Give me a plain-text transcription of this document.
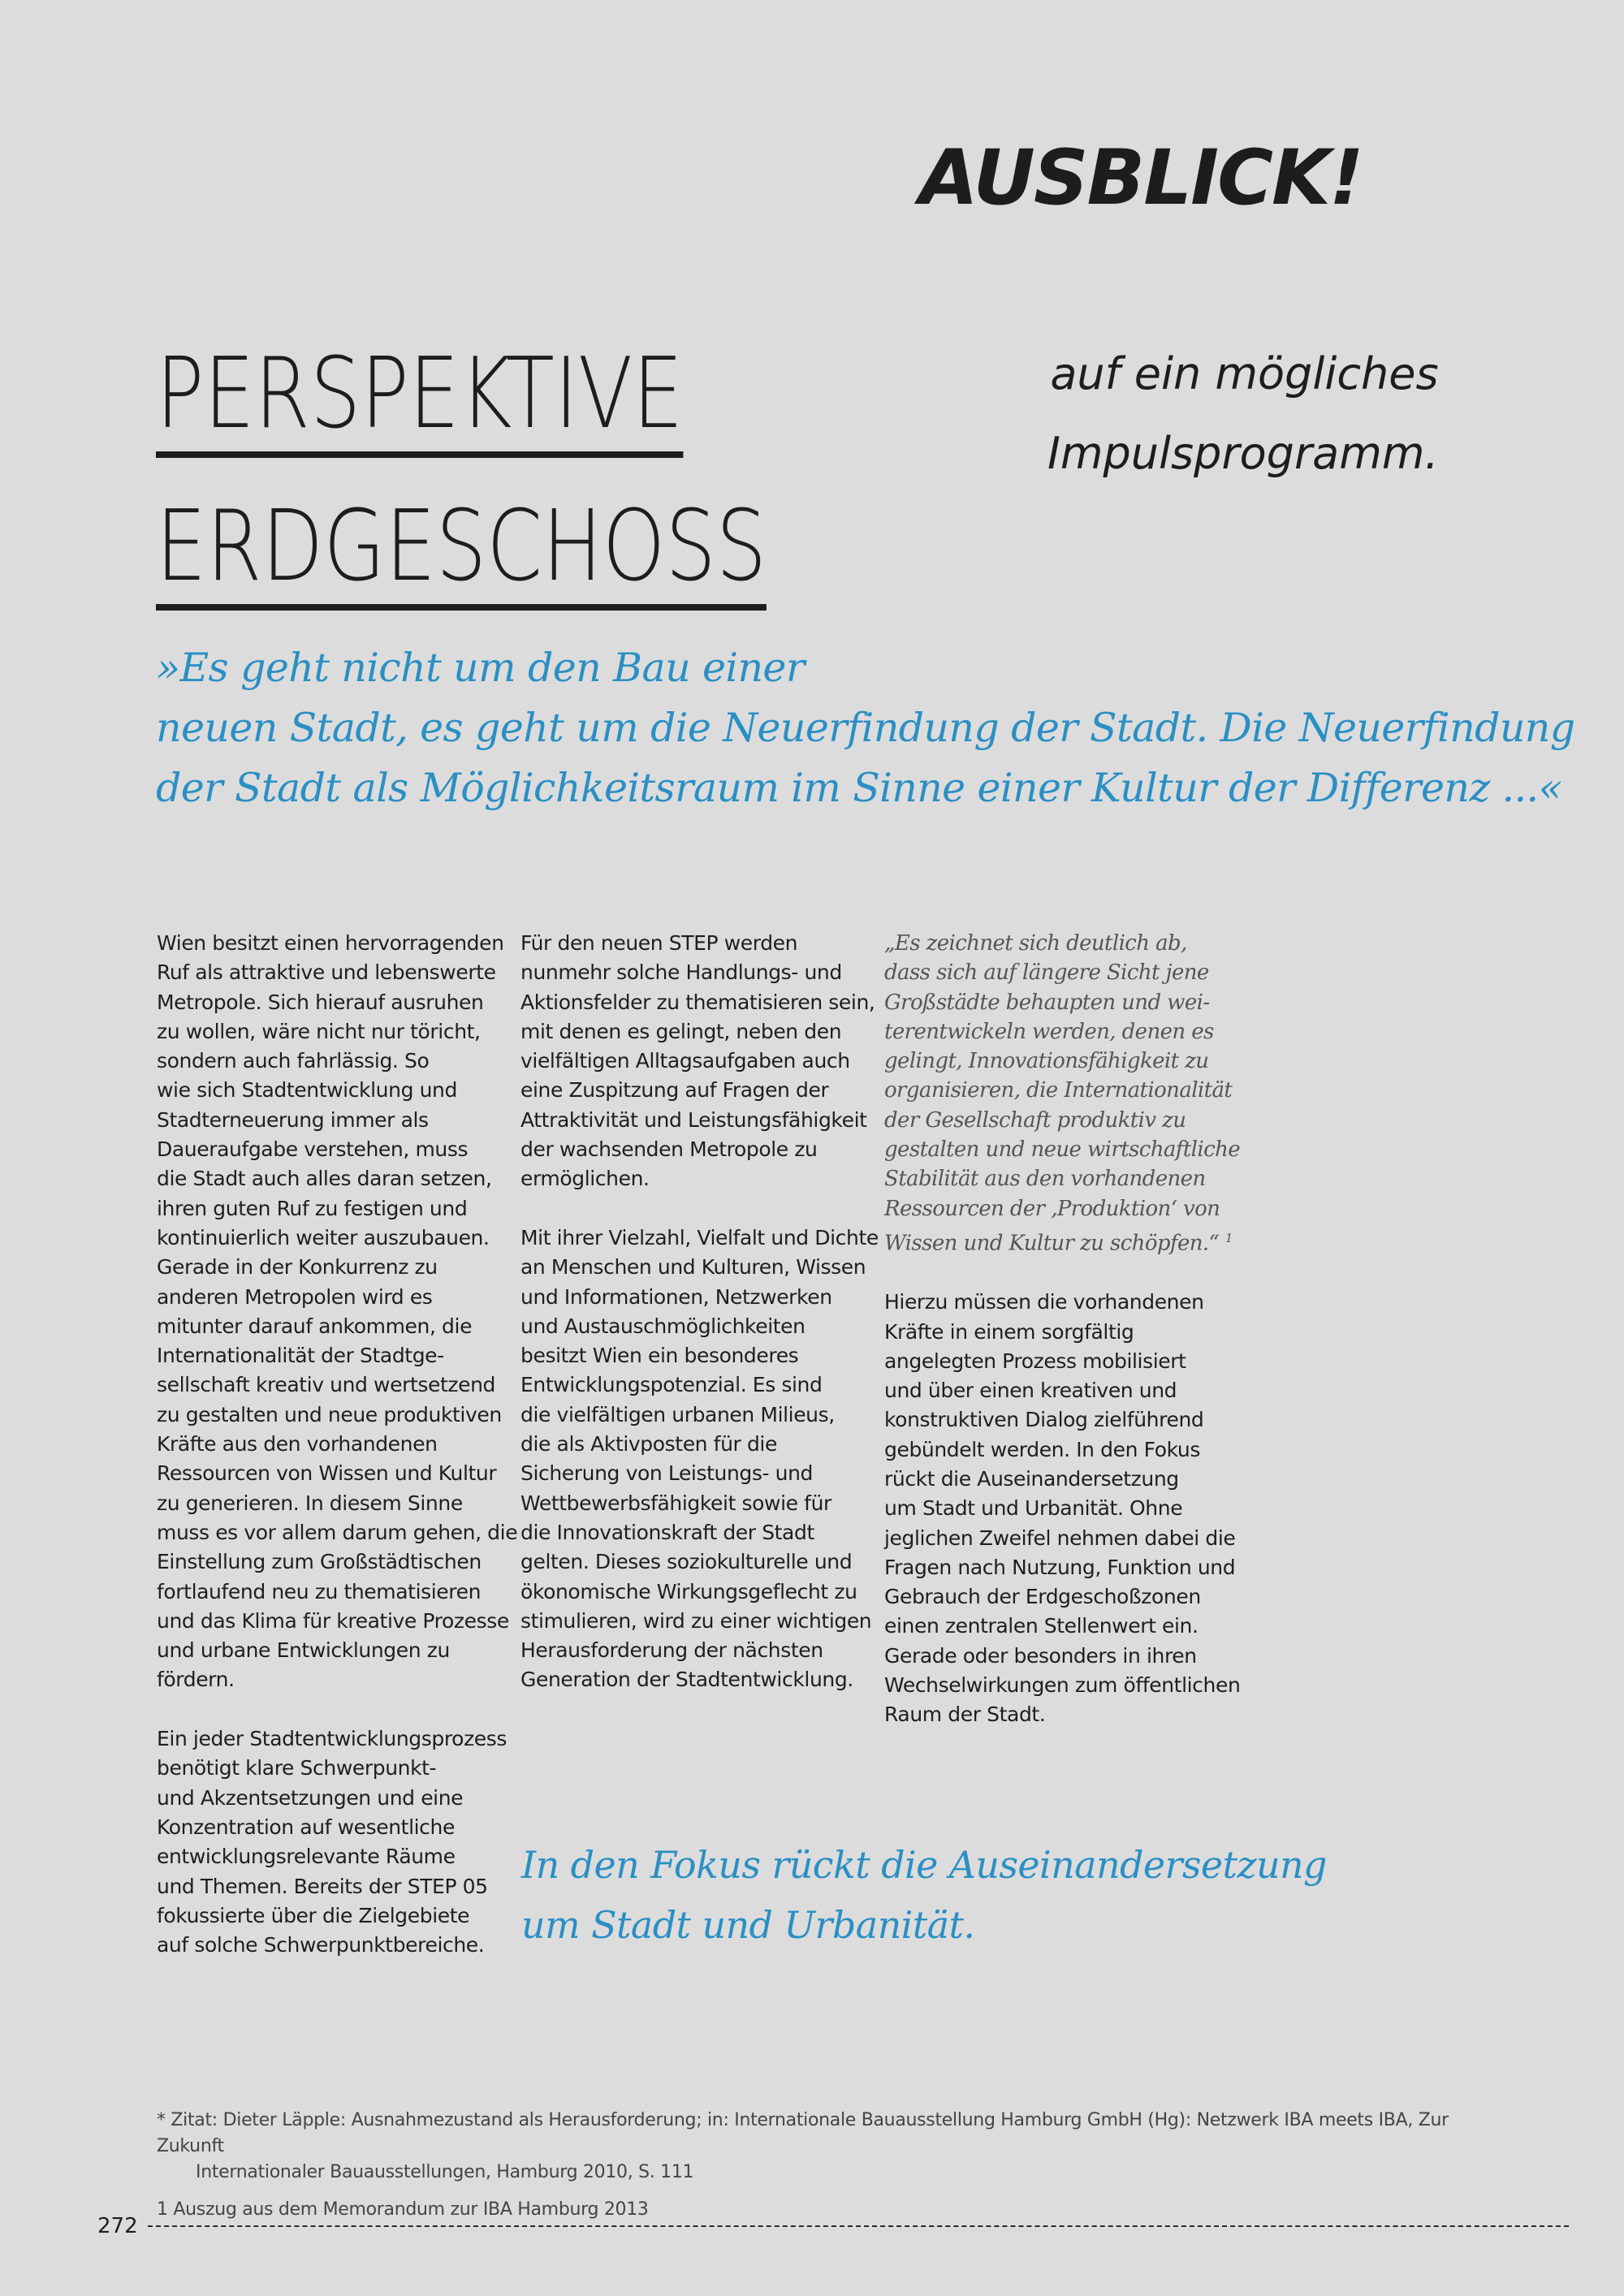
AUSBLICK!
PERSPEKTIVE
ERDGESCHOSS
auf ein mögliches
Impulsprogramm.
»Es geht nicht um den Bau einer
neuen Stadt, es geht um die Neuerfindung der Stadt. Die Neuerfindung
der Stadt als Möglichkeitsraum im Sinne einer Kultur der Differenz ...«
Wien besitzt einen hervorragenden
Ruf als attraktive und lebenswerte
Metropole. Sich hierauf ausruhen
zu wollen, wäre nicht nur töricht,
sondern auch fahrlässig. So
wie sich Stadtentwicklung und
Stadterneuerung immer als
Daueraufgabe verstehen, muss
die Stadt auch alles daran setzen,
ihren guten Ruf zu festigen und
kontinuierlich weiter auszubauen.
Gerade in der Konkurrenz zu
anderen Metropolen wird es
mitunter darauf ankommen, die
Internationalität der Stadtge-
sellschaft kreativ und wertsetzend
zu gestalten und neue produktiven
Kräfte aus den vorhandenen
Ressourcen von Wissen und Kultur
zu generieren. In diesem Sinne
muss es vor allem darum gehen, die
Einstellung zum Großstädtischen
fortlaufend neu zu thematisieren
und das Klima für kreative Prozesse
und urbane Entwicklungen zu
fördern.
Ein jeder Stadtentwicklungsprozess
benötigt klare Schwerpunkt-
und Akzentsetzungen und eine
Konzentration auf wesentliche
entwicklungsrelevante Räume
und Themen. Bereits der STEP 05
fokussierte über die Zielgebiete
auf solche Schwerpunktbereiche.
Für den neuen STEP werden
nunmehr solche Handlungs- und
Aktionsfelder zu thematisieren sein,
mit denen es gelingt, neben den
vielfältigen Alltagsaufgaben auch
eine Zuspitzung auf Fragen der
Attraktivität und Leistungsfähigkeit
der wachsenden Metropole zu
ermöglichen.
Mit ihrer Vielzahl, Vielfalt und Dichte
an Menschen und Kulturen, Wissen
und Informationen, Netzwerken
und Austauschmöglichkeiten
besitzt Wien ein besonderes
Entwicklungspotenzial. Es sind
die vielfältigen urbanen Milieus,
die als Aktivposten für die
Sicherung von Leistungs- und
Wettbewerbsfähigkeit sowie für
die Innovationskraft der Stadt
gelten. Dieses soziokulturelle und
ökonomische Wirkungsgeflecht zu
stimulieren, wird zu einer wichtigen
Herausforderung der nächsten
Generation der Stadtentwicklung.
„Es zeichnet sich deutlich ab,
dass sich auf längere Sicht jene
Großstädte behaupten und wei-
terentwickeln werden, denen es
gelingt, Innovationsfähigkeit zu
organisieren, die Internationalität
der Gesellschaft produktiv zu
gestalten und neue wirtschaftliche
Stabilität aus den vorhandenen
Ressourcen der ‚Produktion‘ von
Wissen und Kultur zu schöpfen.“ $^1$
Hierzu müssen die vorhandenen
Kräfte in einem sorgfältig
angelegten Prozess mobilisiert
und über einen kreativen und
konstruktiven Dialog zielführend
gebündelt werden. In den Fokus
rückt die Auseinandersetzung
um Stadt und Urbanität. Ohne
jeglichen Zweifel nehmen dabei die
Fragen nach Nutzung, Funktion und
Gebrauch der Erdgeschoßzonen
einen zentralen Stellenwert ein.
Gerade oder besonders in ihren
Wechselwirkungen zum öffentlichen
Raum der Stadt.
In den Fokus rückt die Auseinandersetzung
um Stadt und Urbanität.
* Zitat: Dieter Läpple: Ausnahmezustand als Herausforderung; in: Internationale Bauausstellung Hamburg GmbH (Hg): Netzwerk IBA meets IBA, Zur Zukunft
Internationaler Bauausstellungen, Hamburg 2010, S. 111
1 Auszug aus dem Memorandum zur IBA Hamburg 2013
272
